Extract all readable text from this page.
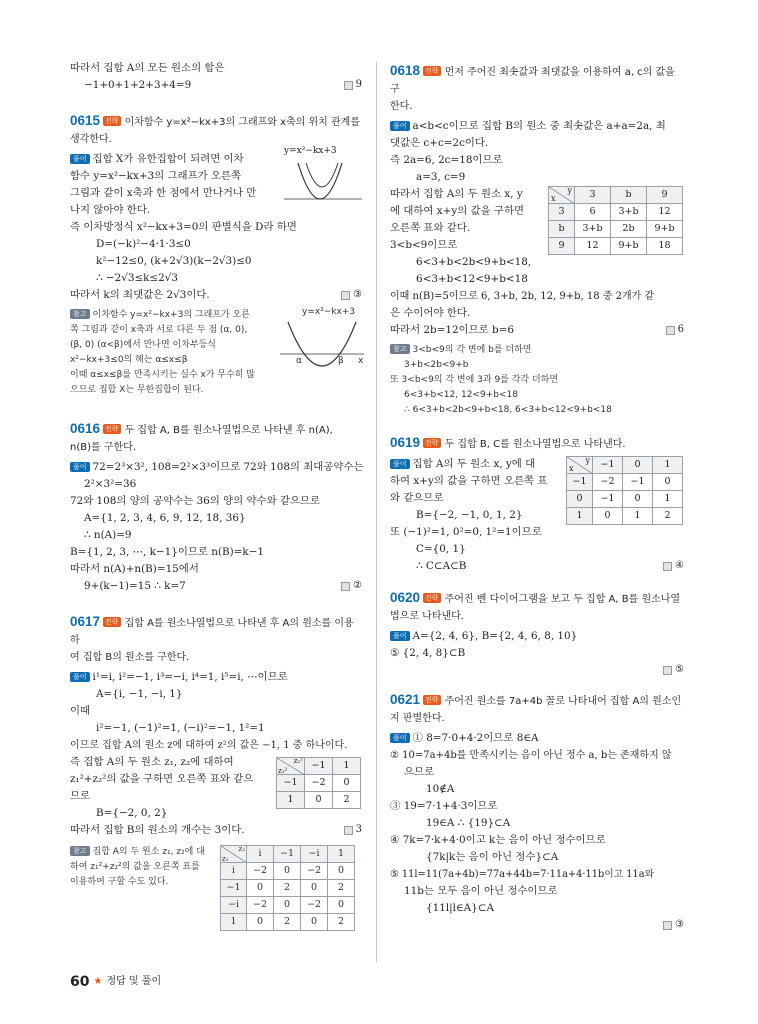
따라서 집합 A의 모든 원소의 합은
−1+0+1+2+3+4=9	9
0615 전략 이차함수 y=x²−kx+3의 그래프와 x축의 위치 관계를
생각한다.
풀이 집합 X가 유한집합이 되려면 이차
함수 y=x²−kx+3의 그래프가 오른쪽
그림과 같이 x축과 한 점에서 만나거나 만
나지 않아야 한다.
즉 이차방정식 x²−kx+3=0의 판별식을 D라 하면
D=(−k)²−4·1·3≤0
k²−12≤0, (k+2√3)(k−2√3)≤0
∴ −2√3≤k≤2√3
따라서 k의 최댓값은 2√3이다.	③
y=x²−kx+3
참고 이차함수 y=x²−kx+3의 그래프가 오른
쪽 그림과 같이 x축과 서로 다른 두 점 (α, 0),
(β, 0) (α<β)에서 만나면 이차부등식
x²−kx+3≤0의 해는 α≤x≤β
이때 α≤x≤β를 만족시키는 실수 x가 무수히 많
으므로 집합 X는 무한집합이 된다.
y=x²−kx+3
α	β x
0616 전략 두 집합 A, B를 원소나열법으로 나타낸 후 n(A),
n(B)를 구한다.
풀이 72=2³×3², 108=2²×3³이므로 72와 108의 최대공약수는
2²×3²=36
72와 108의 양의 공약수는 36의 양의 약수와 같으므로
A={1, 2, 3, 4, 6, 9, 12, 18, 36}
∴ n(A)=9
B={1, 2, 3, ⋯, k−1}이므로 n(B)=k−1
따라서 n(A)+n(B)=15에서
9+(k−1)=15 ∴ k=7	②
0617 전략 집합 A를 원소나열법으로 나타낸 후 A의 원소를 이용하
여 집합 B의 원소를 구한다.
풀이 i¹=i, i²=−1, i³=−i, i⁴=1, i⁵=i, ⋯이므로
A={i, −1, −i, 1}
이때
i²=−1, (−1)²=1, (−i)²=−1, 1²=1
이므로 집합 A의 원소 z에 대하여 z²의 값은 −1, 1 중 하나이다.
즉 집합 A의 두 원소 z₁, z₂에 대하여
z₁²+z₂²의 값을 구하면 오른쪽 표와 같으
므로
B={−2, 0, 2}
따라서 집합 B의 원소의 개수는 3이다.	3
z₂²
z₁²	−1	1
−1	−2	0
1	0	2
참고 집합 A의 두 원소 z₁, z₂에 대
하여 z₁²+z₂²의 값을 오른쪽 표를
이용하여 구할 수도 있다.
z₂
z₁	i	−1	−i	1
i	−2	0	−2	0
−1	0	2	0	2
−i	−2	0	−2	0
1	0	2	0	2
0618 전략 먼저 주어진 최솟값과 최댓값을 이용하여 a, c의 값을 구
한다.
풀이 a<b<c이므로 집합 B의 원소 중 최솟값은 a+a=2a, 최
댓값은 c+c=2c이다.
즉 2a=6, 2c=18이므로
a=3, c=9
따라서 집합 A의 두 원소 x, y
에 대하여 x+y의 값을 구하면
오른쪽 표와 같다.
3<b<9이므로
6<3+b<2b<9+b<18,
6<3+b<12<9+b<18
이때 n(B)=5이므로 6, 3+b, 2b, 12, 9+b, 18 중 2개가 같
은 수이어야 한다.
따라서 2b=12이므로 b=6	6
y
x	3	b	9
3	6	3+b	12
b	3+b	2b	9+b
9	12	9+b	18
참고 3<b<9의 각 변에 b를 더하면
3+b<2b<9+b
또 3<b<9의 각 변에 3과 9를 각각 더하면
6<3+b<12, 12<9+b<18
∴ 6<3+b<2b<9+b<18, 6<3+b<12<9+b<18
0619 전략 두 집합 B, C를 원소나열법으로 나타낸다.
풀이 집합 A의 두 원소 x, y에 대
하여 x+y의 값을 구하면 오른쪽 표
와 같으므로
B={−2, −1, 0, 1, 2}
또 (−1)²=1, 0²=0, 1²=1이므로
C={0, 1}
∴ C⊂A⊂B	④
y
x	−1	0	1
−1	−2	−1	0
0	−1	0	1
1	0	1	2
0620 전략 주어진 벤 다이어그램을 보고 두 집합 A, B를 원소나열
법으로 나타낸다.
풀이 A={2, 4, 6}, B={2, 4, 6, 8, 10}
⑤ {2, 4, 8}⊂B
⑤
0621 전략 주어진 원소를 7a+4b 꼴로 나타내어 집합 A의 원소인
지 판별한다.
풀이 ① 8=7·0+4·2이므로 8∈A
② 10=7a+4b를 만족시키는 음이 아닌 정수 a, b는 존재하지 않
으므로
10∉A
③ 19=7·1+4·3이므로
19∈A ∴ {19}⊂A
④ 7k=7·k+4·0이고 k는 음이 아닌 정수이므로
{7k|k는 음이 아닌 정수}⊂A
⑤ 11l=11(7a+4b)=77a+44b=7·11a+4·11b이고 11a와
11b는 모두 음이 아닌 정수이므로
{11l|l∈A}⊂A
③
60 ★ 정답 및 풀이
